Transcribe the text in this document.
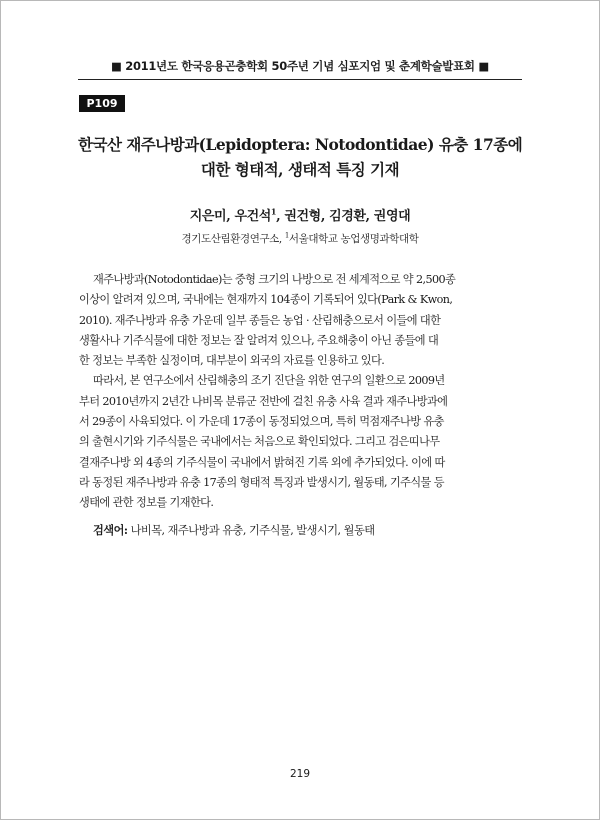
■ 2011년도 한국응용곤충학회 50주년 기념 심포지엄 및 춘계학술발표회 ■
P109
한국산 재주나방과(Lepidoptera: Notodontidae) 유충 17종에
대한 형태적, 생태적 특징 기재
지은미, 우건석$^1$, 권건형, 김경환, 권영대
경기도산림환경연구소, $^1$서울대학교 농업생명과학대학
재주나방과(Notodontidae)는 중형 크기의 나방으로 전 세계적으로 약 2,500종
이상이 알려져 있으며, 국내에는 현재까지 104종이 기록되어 있다(Park & Kwon,
2010). 재주나방과 유충 가운데 일부 종들은 농업 · 산림해충으로서 이들에 대한
생활사나 기주식물에 대한 정보는 잘 알려져 있으나, 주요해충이 아닌 종들에 대
한 정보는 부족한 실정이며, 대부분이 외국의 자료를 인용하고 있다.
따라서, 본 연구소에서 산림해충의 조기 진단을 위한 연구의 일환으로 2009년
부터 2010년까지 2년간 나비목 분류군 전반에 걸친 유충 사육 결과 재주나방과에
서 29종이 사육되었다. 이 가운데 17종이 동정되었으며, 특히 먹점재주나방 유충
의 출현시기와 기주식물은 국내에서는 처음으로 확인되었다. 그리고 검은띠나무
결재주나방 외 4종의 기주식물이 국내에서 밝혀진 기록 외에 추가되었다. 이에 따
라 동정된 재주나방과 유충 17종의 형태적 특징과 발생시기, 월동태, 기주식물 등
생태에 관한 정보를 기재한다.
검색어: 나비목, 재주나방과 유충, 기주식물, 발생시기, 월동태
219
